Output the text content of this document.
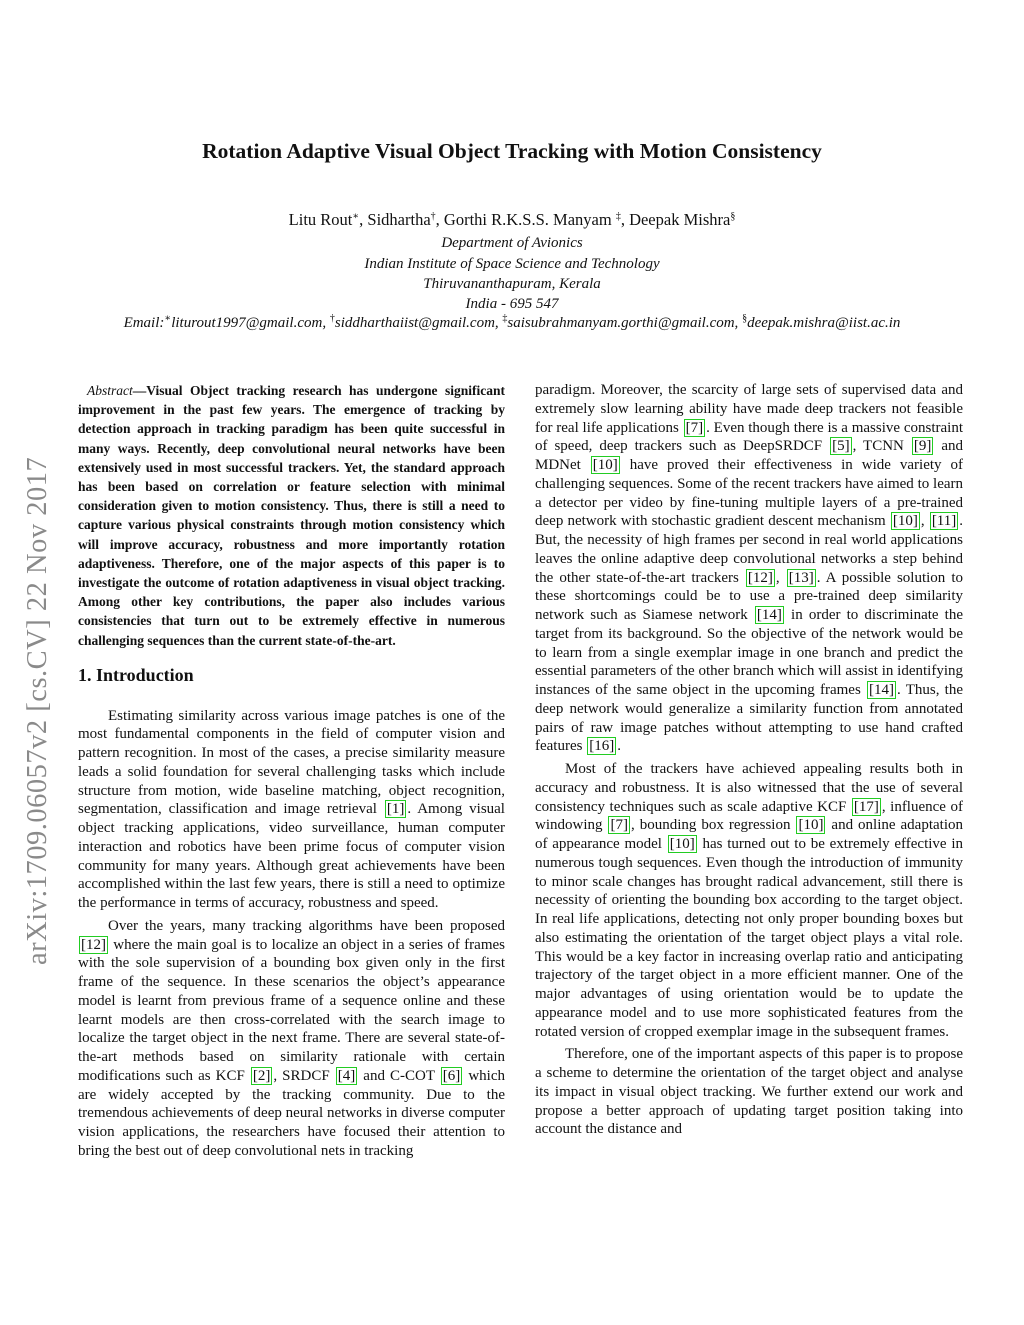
arXiv:1709.06057v2 [cs.CV] 22 Nov 2017
Rotation Adaptive Visual Object Tracking with Motion Consistency
Litu Rout∗, Sidhartha†, Gorthi R.K.S.S. Manyam ‡, Deepak Mishra§
Department of Avionics
Indian Institute of Space Science and Technology
Thiruvananthapuram, Kerala
India - 695 547
Email:∗liturout1997@gmail.com, †siddharthaiist@gmail.com, ‡saisubrahmanyam.gorthi@gmail.com, §deepak.mishra@iist.ac.in

Abstract—Visual Object tracking research has undergone significant improvement in the past few years. The emergence of tracking by detection approach in tracking paradigm has been quite successful in many ways. Recently, deep convolutional neural networks have been extensively used in most successful trackers. Yet, the standard approach has been based on correlation or feature selection with minimal consideration given to motion consistency. Thus, there is still a need to capture various physical constraints through motion consistency which will improve accuracy, robustness and more importantly rotation adaptiveness. Therefore, one of the major aspects of this paper is to investigate the outcome of rotation adaptiveness in visual object tracking. Among other key contributions, the paper also includes various consistencies that turn out to be extremely effective in numerous challenging sequences than the current state-of-the-art.

1. Introduction

Estimating similarity across various image patches is one of the most fundamental components in the field of computer vision and pattern recognition. In most of the cases, a precise similarity measure leads a solid foundation for several challenging tasks which include structure from motion, wide baseline matching, object recognition, segmentation, classification and image retrieval [1] . Among visual object tracking applications, video surveillance, human computer interaction and robotics have been prime focus of computer vision community for many years. Although great achievements have been accomplished within the last few years, there is still a need to optimize the performance in terms of accuracy, robustness and speed.

Over the years, many tracking algorithms have been proposed [12] where the main goal is to localize an object in a series of frames with the sole supervision of a bounding box given only in the first frame of the sequence. In these scenarios the object’s appearance model is learnt from previous frame of a sequence online and these learnt models are then cross-correlated with the search image to localize the target object in the next frame. There are several state-of-the-art methods based on similarity rationale with certain modifications such as KCF [2] , SRDCF [4] and C-COT [6] which are widely accepted by the tracking community. Due to the tremendous achievements of deep neural networks in diverse computer vision applications, the researchers have focused their attention to bring the best out of deep convolutional nets in tracking

paradigm. Moreover, the scarcity of large sets of supervised data and extremely slow learning ability have made deep trackers not feasible for real life applications [7] . Even though there is a massive constraint of speed, deep trackers such as DeepSRDCF [5] , TCNN [9] and MDNet [10] have proved their effectiveness in wide variety of challenging sequences. Some of the recent trackers have aimed to learn a detector per video by fine-tuning multiple layers of a pre-trained deep network with stochastic gradient descent mechanism [10] , [11] . But, the necessity of high frames per second in real world applications leaves the online adaptive deep convolutional networks a step behind the other state-of-the-art trackers [12] , [13] . A possible solution to these shortcomings could be to use a pre-trained deep similarity network such as Siamese network [14] in order to discriminate the target from its background. So the objective of the network would be to learn from a single exemplar image in one branch and predict the essential parameters of the other branch which will assist in identifying instances of the same object in the upcoming frames [14] . Thus, the deep network would generalize a similarity function from annotated pairs of raw image patches without attempting to use hand crafted features [16] .

Most of the trackers have achieved appealing results both in accuracy and robustness. It is also witnessed that the use of several consistency techniques such as scale adaptive KCF [17] , influence of windowing [7] , bounding box regression [10] and online adaptation of appearance model [10] has turned out to be extremely effective in numerous tough sequences. Even though the introduction of immunity to minor scale changes has brought radical advancement, still there is necessity of orienting the bounding box according to the target object. In real life applications, detecting not only proper bounding boxes but also estimating the orientation of the target object plays a vital role. This would be a key factor in increasing overlap ratio and anticipating trajectory of the target object in a more efficient manner. One of the major advantages of using orientation would be to update the appearance model and to use more sophisticated features from the rotated version of cropped exemplar image in the subsequent frames.

Therefore, one of the important aspects of this paper is to propose a scheme to determine the orientation of the target object and analyse its impact in visual object tracking. We further extend our work and propose a better approach of updating target position taking into account the distance and
